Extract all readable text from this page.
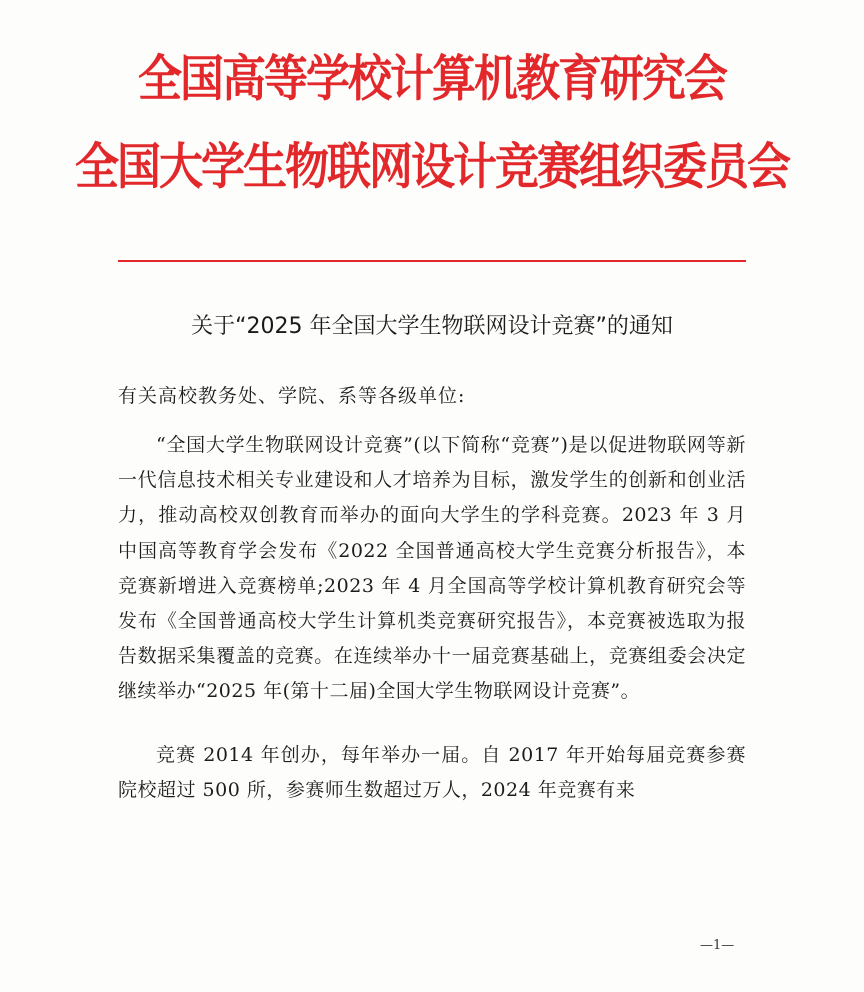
全国高等学校计算机教育研究会
全国大学生物联网设计竞赛组织委员会
关于“2025 年全国大学生物联网设计竞赛”的通知

有关高校教务处、学院、系等各级单位:

“全国大学生物联网设计竞赛”(以下简称“竞赛”)是以促进物联网等新一代信息技术相关专业建设和人才培养为目标，激发学生的创新和创业活力，推动高校双创教育而举办的面向大学生的学科竞赛。2023 年 3 月中国高等教育学会发布《2022 全国普通高校大学生竞赛分析报告》，本竞赛新增进入竞赛榜单;2023 年 4 月全国高等学校计算机教育研究会等发布《全国普通高校大学生计算机类竞赛研究报告》，本竞赛被选取为报告数据采集覆盖的竞赛。在连续举办十一届竞赛基础上，竞赛组委会决定继续举办“2025 年(第十二届)全国大学生物联网设计竞赛”。

竞赛 2014 年创办，每年举办一届。自 2017 年开始每届竞赛参赛院校超过 500 所，参赛师生数超过万人，2024 年竞赛有来

—1—
